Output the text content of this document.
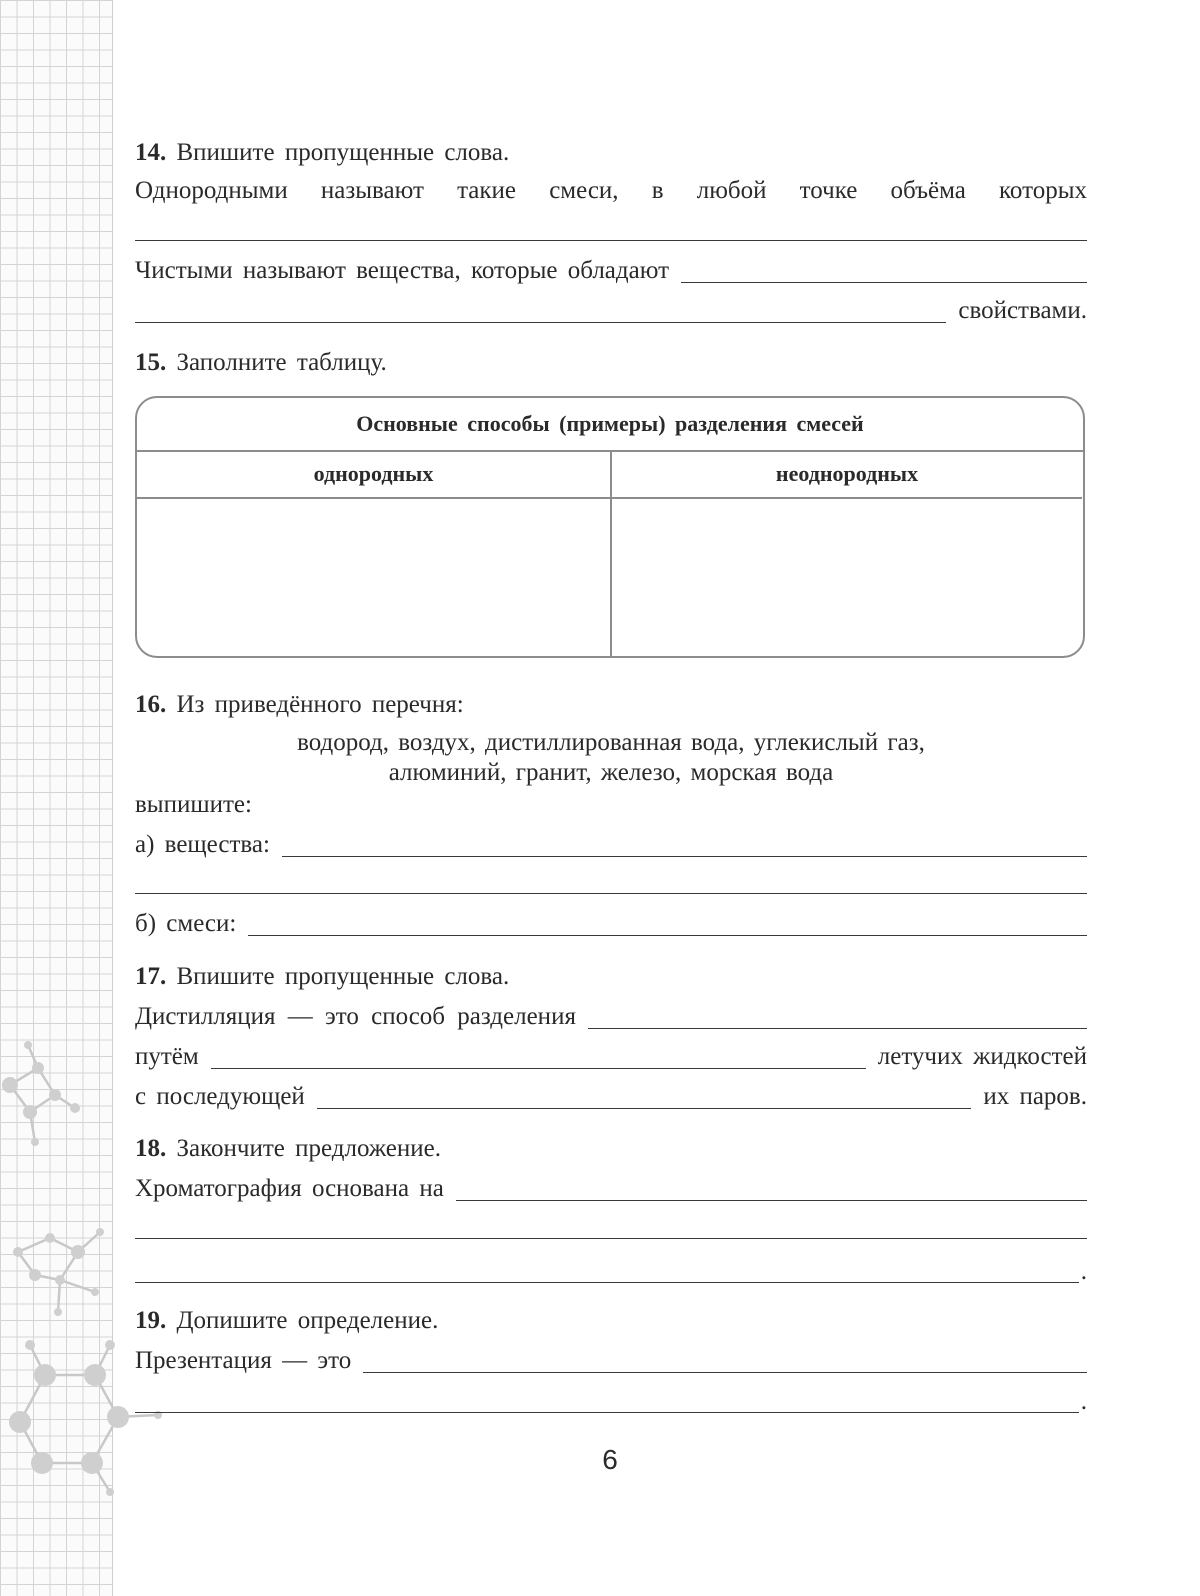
14. Впишите пропущенные слова.
Однородными называют такие смеси, в любой точке объёма которых
Чистыми называют вещества, которые обладают
свойствами.
15. Заполните таблицу.
16. Из приведённого перечня:
водород, воздух, дистиллированная вода, углекислый газ,
алюминий, гранит, железо, морская вода
выпишите:
а) вещества:
б) смеси:
17. Впишите пропущенные слова.
Дистилляция — это способ разделения
путём	летучих жидкостей
с последующей	их паров.
18. Закончите предложение.
Хроматография основана на
.
19. Допишите определение.
Презентация — это
.
Основные способы (примеры) разделения смесей
однородных	неоднородных
6
